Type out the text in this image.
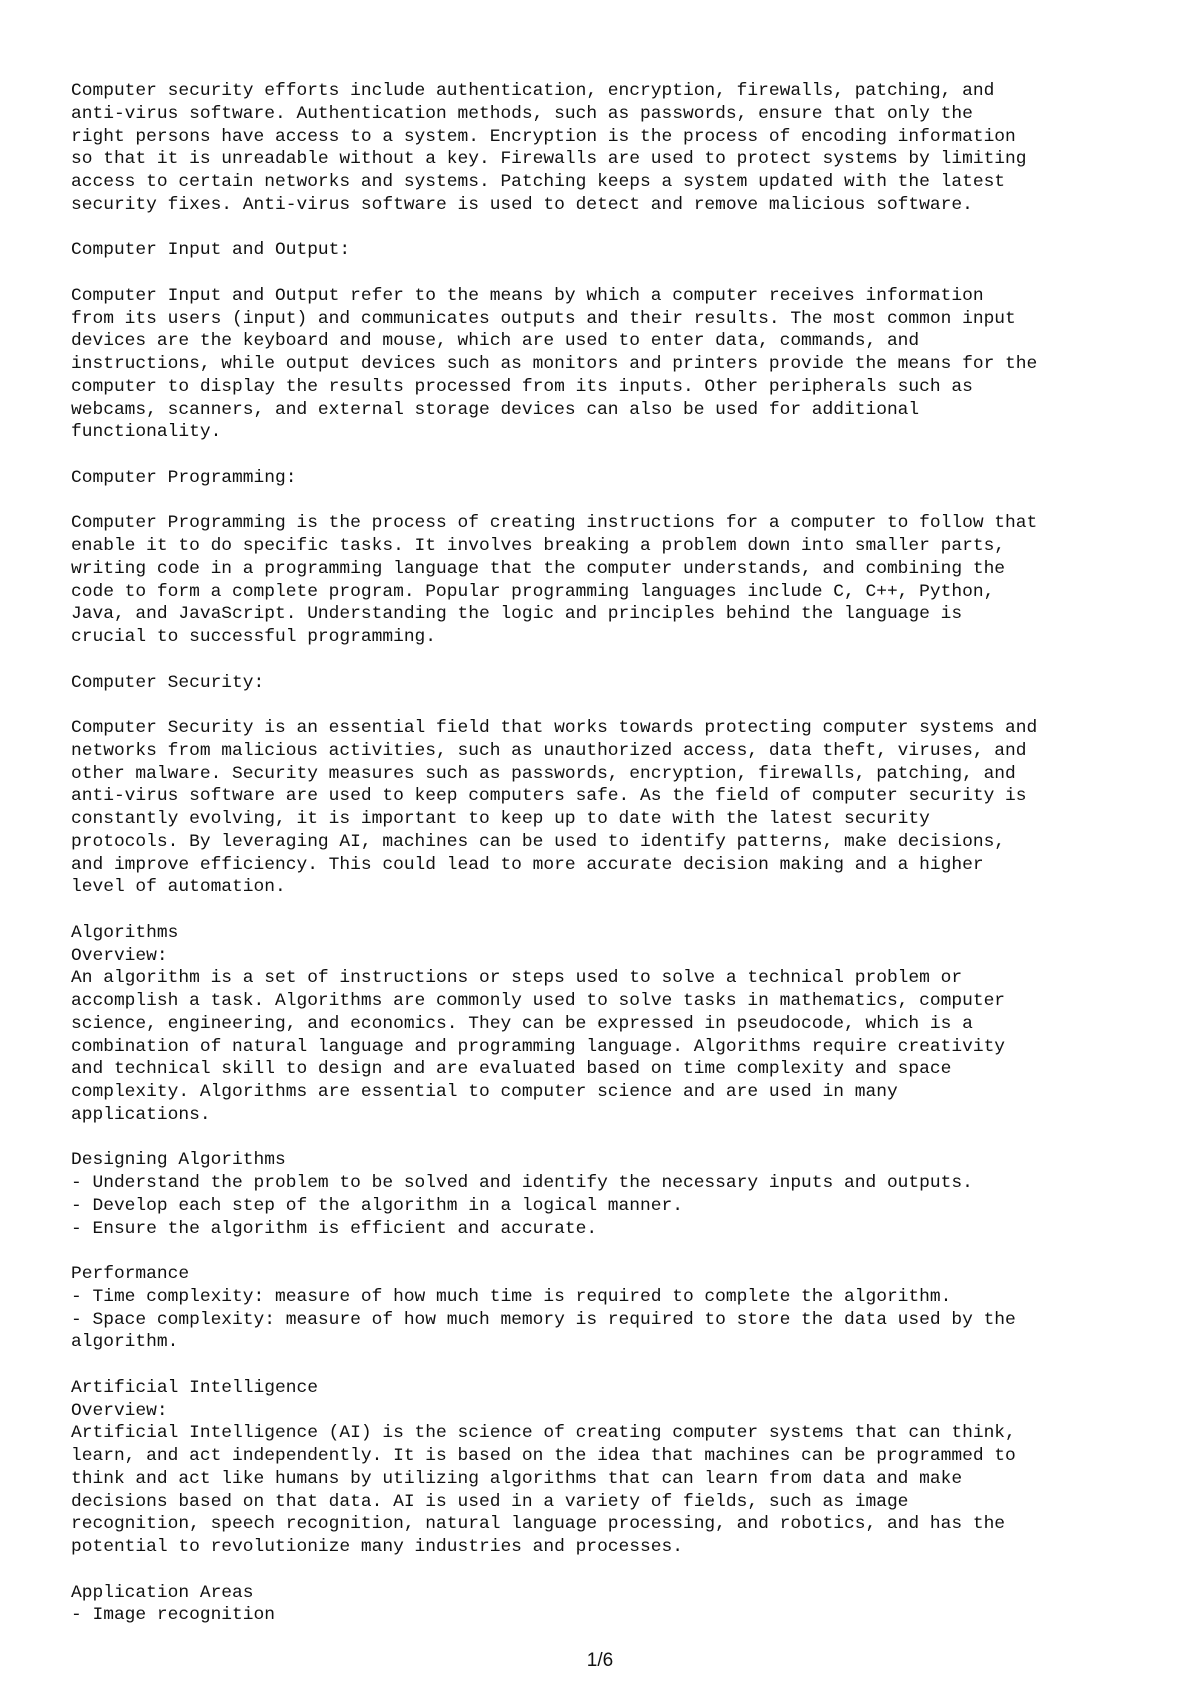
Computer security efforts include authentication, encryption, firewalls, patching, and
anti-virus software. Authentication methods, such as passwords, ensure that only the
right persons have access to a system. Encryption is the process of encoding information
so that it is unreadable without a key. Firewalls are used to protect systems by limiting
access to certain networks and systems. Patching keeps a system updated with the latest
security fixes. Anti-virus software is used to detect and remove malicious software.
Computer Input and Output:
Computer Input and Output refer to the means by which a computer receives information
from its users (input) and communicates outputs and their results. The most common input
devices are the keyboard and mouse, which are used to enter data, commands, and
instructions, while output devices such as monitors and printers provide the means for the
computer to display the results processed from its inputs. Other peripherals such as
webcams, scanners, and external storage devices can also be used for additional
functionality.
Computer Programming:
Computer Programming is the process of creating instructions for a computer to follow that
enable it to do specific tasks. It involves breaking a problem down into smaller parts,
writing code in a programming language that the computer understands, and combining the
code to form a complete program. Popular programming languages include C, C++, Python,
Java, and JavaScript. Understanding the logic and principles behind the language is
crucial to successful programming.
Computer Security:
Computer Security is an essential field that works towards protecting computer systems and
networks from malicious activities, such as unauthorized access, data theft, viruses, and
other malware. Security measures such as passwords, encryption, firewalls, patching, and
anti-virus software are used to keep computers safe. As the field of computer security is
constantly evolving, it is important to keep up to date with the latest security
protocols. By leveraging AI, machines can be used to identify patterns, make decisions,
and improve efficiency. This could lead to more accurate decision making and a higher
level of automation.
Algorithms
Overview:
An algorithm is a set of instructions or steps used to solve a technical problem or
accomplish a task. Algorithms are commonly used to solve tasks in mathematics, computer
science, engineering, and economics. They can be expressed in pseudocode, which is a
combination of natural language and programming language. Algorithms require creativity
and technical skill to design and are evaluated based on time complexity and space
complexity. Algorithms are essential to computer science and are used in many
applications.
Designing Algorithms
- Understand the problem to be solved and identify the necessary inputs and outputs.
- Develop each step of the algorithm in a logical manner.
- Ensure the algorithm is efficient and accurate.
Performance
- Time complexity: measure of how much time is required to complete the algorithm.
- Space complexity: measure of how much memory is required to store the data used by the
algorithm.
Artificial Intelligence
Overview:
Artificial Intelligence (AI) is the science of creating computer systems that can think,
learn, and act independently. It is based on the idea that machines can be programmed to
think and act like humans by utilizing algorithms that can learn from data and make
decisions based on that data. AI is used in a variety of fields, such as image
recognition, speech recognition, natural language processing, and robotics, and has the
potential to revolutionize many industries and processes.
Application Areas
- Image recognition
1/6
